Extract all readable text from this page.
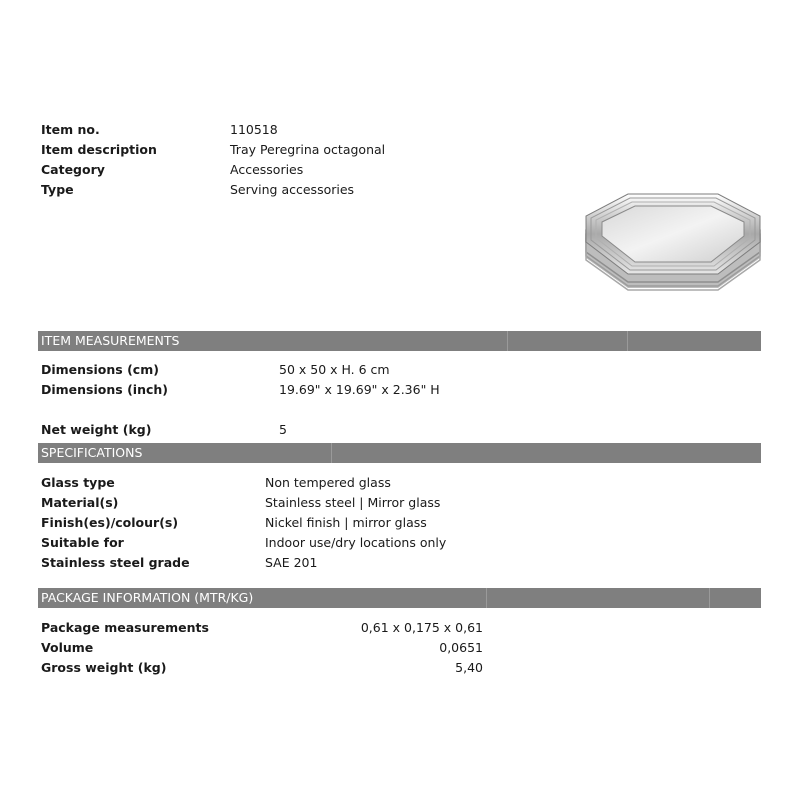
Item no.	110518
Item description	Tray Peregrina octagonal
Category	Accessories
Type	Serving accessories
ITEM MEASUREMENTS
Dimensions (cm)	50 x 50 x H. 6 cm
Dimensions (inch)	19.69" x 19.69" x 2.36" H
Net weight (kg)	5
SPECIFICATIONS
Glass type	Non tempered glass
Material(s)	Stainless steel | Mirror glass
Finish(es)/colour(s)	Nickel finish | mirror glass
Suitable for	Indoor use/dry locations only
Stainless steel grade	SAE 201
PACKAGE INFORMATION (MTR/KG)
Package measurements	0,61 x 0,175 x 0,61
Volume	0,0651
Gross weight (kg)	5,40
